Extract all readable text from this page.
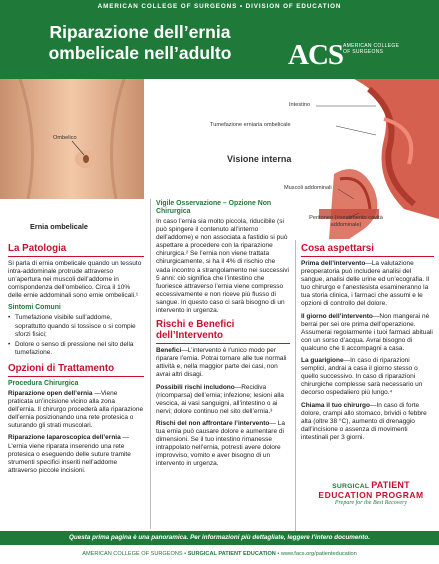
AMERICAN COLLEGE OF SURGEONS • DIVISION OF EDUCATION
Riparazione dell’ernia ombelicale nell’adulto	ACS AMERICAN COLLEGE
OF SURGEONS
Ombelico
Ernia ombelicale
Intestino
Tumefazione erniaria ombelicale
Visione interna
Muscoli addominali
Peritoneo (rivestimento cavità addominale)
La Patologia

Si parla di ernia ombelicale quando un tessuto intra-addominale protrude attraverso un’apertura nei muscoli dell’addome in corrispondenza dell’ombelico. Circa il 10% delle ernie addominali sono ernie ombelicali.¹

Sintomi Comuni
• Tumefazione visibile sull’addome, soprattutto quando si tossisce o si compie sforzi fisici;
• Dolore o senso di pressione nel sito della tumefazione.
Opzioni di Trattamento
Procedura Chirurgica

Riparazione open dell’ernia —Viene praticata un’incisione vicino alla zona dell’ernia. Il chirurgo procederà alla riparazione dell’ernia posizionando una rete protesica o suturando gli strati muscolari.

Riparazione laparoscopica dell’ernia —L’ernia viene riparata inserendo una rete protesica o eseguendo delle suture tramite strumenti specifici inseriti nell’addome attraverso piccole incisioni.

Vigile Osservazione – Opzione Non Chirurgica

In caso l’ernia sia molto piccola, riducibile (si può spingere il contenuto all’interno dell’addome) e non associata a fastidio si può aspettare a procedere con la riparazione chirurgica.² Se l’ernia non viene trattata chirurgicamente, si ha il 4% di rischio che vada incontro a strangolamento nei successivi 5 anni: ciò significa che l’intestino che fuoriesce attraverso l’ernia viene compresso eccessivamente e non riceve più flusso di sangue. In questo caso ci sarà bisogno di un intervento in urgenza.

Rischi e Benefici dell’Intervento

Benefici—L’intervento è l’unico modo per riparare l’ernia. Potrai tornare alle tue normali attività e, nella maggior parte dei casi, non avrai altri disagi.

Possibili rischi includono—Recidiva (ricomparsa) dell’ernia; infezione; lesioni alla vescica, ai vasi sanguigni, all’intestino o ai nervi; dolore continuo nel sito dell’ernia.³

Rischi del non affrontare l’intervento— La tua ernia può causare dolore e aumentare di dimensioni. Se il tuo intestino rimanesse intrappolato nell’ernia, potresti avere dolore improvviso, vomito e aver bisogno di un intervento in urgenza.

Cosa aspettarsi

Prima dell’intervento—La valutazione preoperatoria può includere analisi del sangue, analisi delle urine ed un’ecografia. Il tuo chirurgo e l’anestesista esamineranno la tua storia clinica, i farmaci che assumi e le opzioni di controllo del dolore.

Il giorno dell’intervento—Non mangerai né berrai per sei ore prima dell’operazione. Assumerai regolarmente i tuoi farmaci abituali con un sorso d’acqua. Avrai bisogno di qualcuno che ti accompagni a casa.

La guarigione—In caso di riparazioni semplici, andrai a casa il giorno stesso o quello successivo. In caso di riparazioni chirurgiche complesse sarà necessario un decorso ospedaliero più lungo.⁴

Chiama il tuo chirurgo—In caso di forte dolore, crampi allo stomaco, brividi o febbre alta (oltre 38 °C), aumento di drenaggio dall’incisione o assenza di movimenti intestinali per 3 giorni.

SURGICAL PATIENT
EDUCATION PROGRAM
Prepare for the Best Recovery
Questa prima pagina è una panoramica. Per informazioni più dettagliate, leggere l’intero documento.
AMERICAN COLLEGE OF SURGEONS • SURGICAL PATIENT EDUCATION • www.facs.org/patienteducation
